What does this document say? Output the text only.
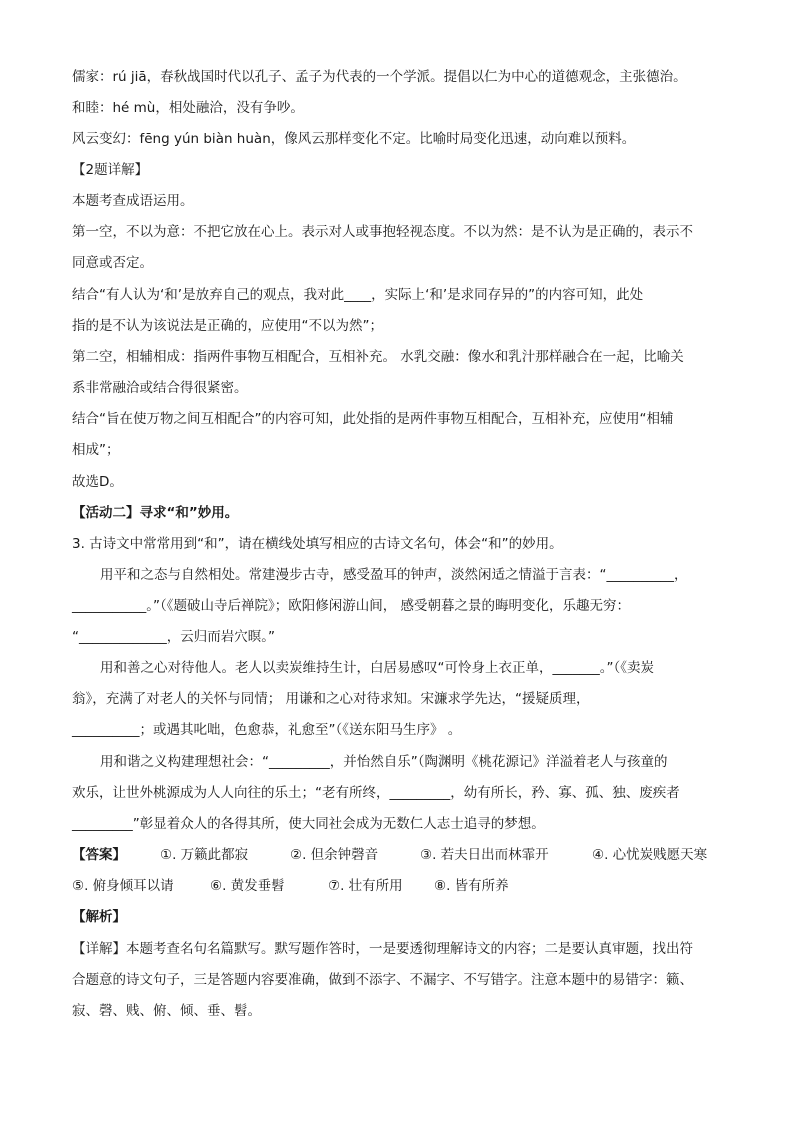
儒家：rú jiā，春秋战国时代以孔子、孟子为代表的一个学派。提倡以仁为中心的道德观念，主张德治。
和睦：hé mù，相处融洽，没有争吵。
风云变幻：fēng yún biàn huàn，像风云那样变化不定。比喻时局变化迅速，动向难以预料。
【2题详解】
本题考查成语运用。
第一空，不以为意：不把它放在心上。表示对人或事抱轻视态度。不以为然：是不认为是正确的，表示不
同意或否定。
结合“有人认为‘和’是放弃自己的观点，我对此____，实际上‘和’是求同存异的”的内容可知，此处
指的是不认为该说法是正确的，应使用“不以为然”；
第二空，相辅相成：指两件事物互相配合，互相补充。 水乳交融：像水和乳汁那样融合在一起，比喻关
系非常融洽或结合得很紧密。
结合“旨在使万物之间互相配合”的内容可知，此处指的是两件事物互相配合，互相补充，应使用“相辅
相成”；
故选D。
【活动二】寻求“和”妙用。
3. 古诗文中常常用到“和”，请在横线处填写相应的古诗文名句，体会“和”的妙用。
用平和之态与自然相处。常建漫步古寺，感受盈耳的钟声，淡然闲适之情溢于言表：“__________，
___________。”（《题破山寺后禅院》；欧阳修闲游山间， 感受朝暮之景的晦明变化，乐趣无穷：
“_____________，云归而岩穴暝。”
用和善之心对待他人。老人以卖炭维持生计，白居易感叹“可怜身上衣正单，_______。”（《卖炭
翁》，充满了对老人的关怀与同情； 用谦和之心对待求知。宋濂求学先达，“援疑质理，
__________；或遇其叱咄，色愈恭，礼愈至”（《送东阳马生序》 。
用和谐之义构建理想社会：“_________，并怡然自乐”（陶渊明《桃花源记》洋溢着老人与孩童的
欢乐，让世外桃源成为人人向往的乐土；“老有所终，_________，幼有所长，矜、寡、孤、独、废疾者
_________”彰显着众人的各得其所，使大同社会成为无数仁人志士追寻的梦想。
【答案】	①. 万籁此都寂	②. 但余钟磬音	③. 若夫日出而林霏开	④. 心忧炭贱愿天寒
⑤. 俯身倾耳以请	⑥. 黄发垂髫	⑦. 壮有所用 ⑧. 皆有所养
【解析】
【详解】本题考查名句名篇默写。默写题作答时，一是要透彻理解诗文的内容；二是要认真审题，找出符
合题意的诗文句子，三是答题内容要准确，做到不添字、不漏字、不写错字。注意本题中的易错字：籁、
寂、磬、贱、俯、倾、垂、髫。
